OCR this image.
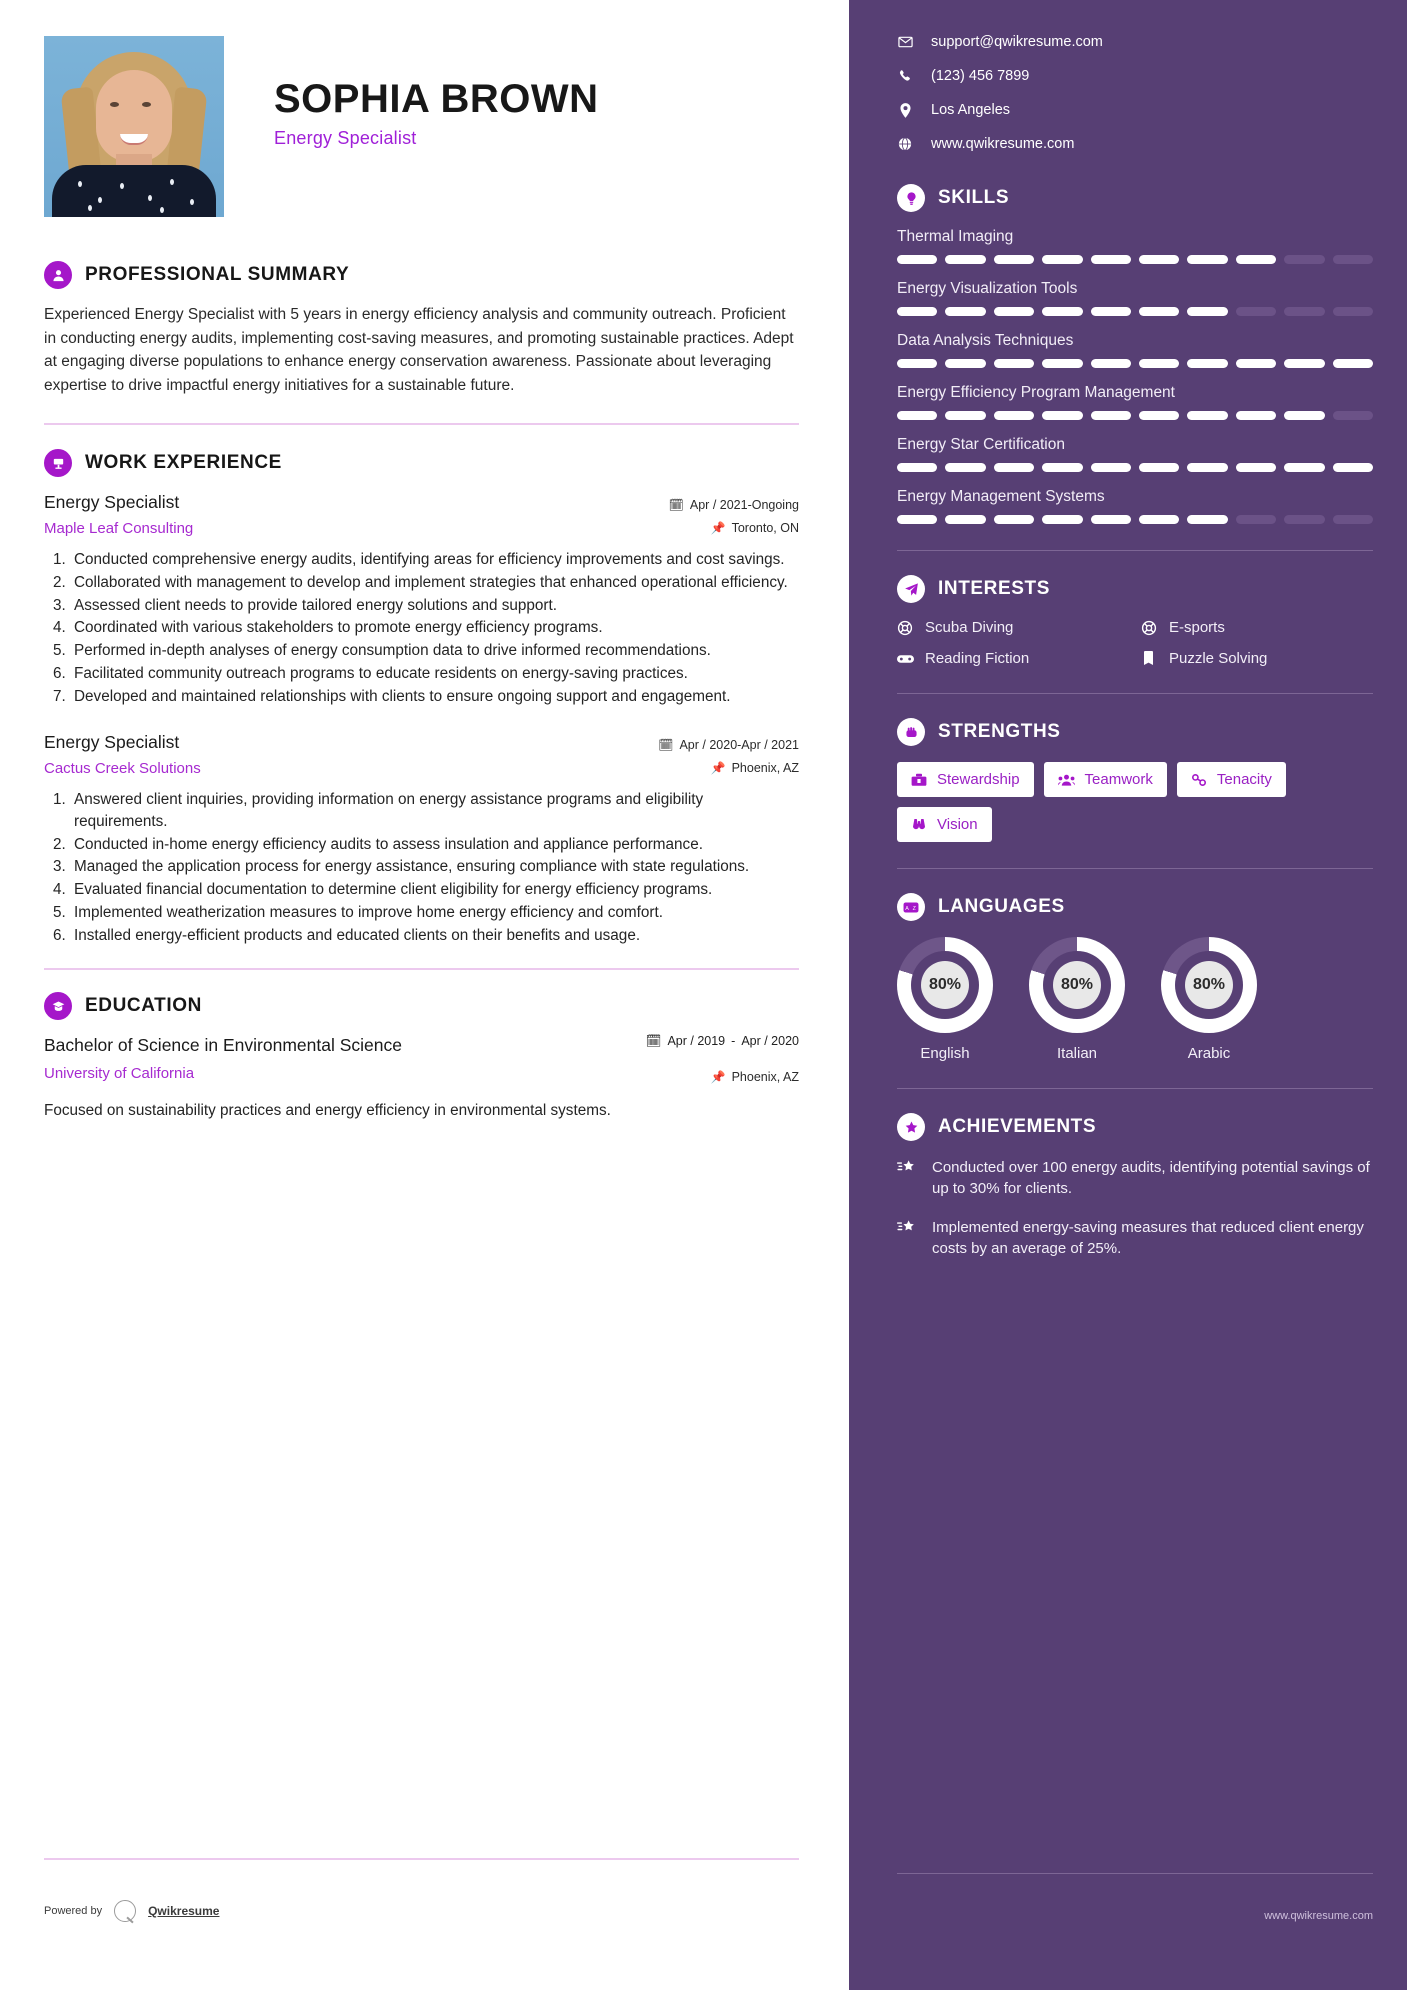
SOPHIA BROWN
Energy Specialist
PROFESSIONAL SUMMARY
Experienced Energy Specialist with 5 years in energy efficiency analysis and community outreach. Proficient in conducting energy audits, implementing cost-saving measures, and promoting sustainable practices. Adept at engaging diverse populations to enhance energy conservation awareness. Passionate about leveraging expertise to drive impactful energy initiatives for a sustainable future.
WORK EXPERIENCE
Energy Specialist
Maple Leaf Consulting
🗓 Apr / 2021-Ongoing
📌 Toronto, ON
1. Conducted comprehensive energy audits, identifying areas for efficiency improvements and cost savings.
2. Collaborated with management to develop and implement strategies that enhanced operational efficiency.
3. Assessed client needs to provide tailored energy solutions and support.
4. Coordinated with various stakeholders to promote energy efficiency programs.
5. Performed in-depth analyses of energy consumption data to drive informed recommendations.
6. Facilitated community outreach programs to educate residents on energy-saving practices.
7. Developed and maintained relationships with clients to ensure ongoing support and engagement.
Energy Specialist
Cactus Creek Solutions
🗓 Apr / 2020-Apr / 2021
📌 Phoenix, AZ
1. Answered client inquiries, providing information on energy assistance programs and eligibility requirements.
2. Conducted in-home energy efficiency audits to assess insulation and appliance performance.
3. Managed the application process for energy assistance, ensuring compliance with state regulations.
4. Evaluated financial documentation to determine client eligibility for energy efficiency programs.
5. Implemented weatherization measures to improve home energy efficiency and comfort.
6. Installed energy-efficient products and educated clients on their benefits and usage.
EDUCATION
Bachelor of Science in Environmental Science
University of California
🗓 Apr / 2019 - Apr / 2020
📌 Phoenix, AZ
Focused on sustainability practices and energy efficiency in environmental systems.
Powered by	Qwikresume
support@qwikresume.com
(123) 456 7899
Los Angeles
www.qwikresume.com
SKILLS
Thermal Imaging
Energy Visualization Tools
Data Analysis Techniques
Energy Efficiency Program Management
Energy Star Certification
Energy Management Systems
INTERESTS
Scuba Diving	E-sports
Reading Fiction	Puzzle Solving
STRENGTHS
Stewardship	Teamwork	Tenacity
Vision
A Z LANGUAGES
80%
English
80%
Italian
80%
Arabic
ACHIEVEMENTS
Conducted over 100 energy audits, identifying potential savings of up to 30% for clients.
Implemented energy-saving measures that reduced client energy costs by an average of 25%.
www.qwikresume.com
